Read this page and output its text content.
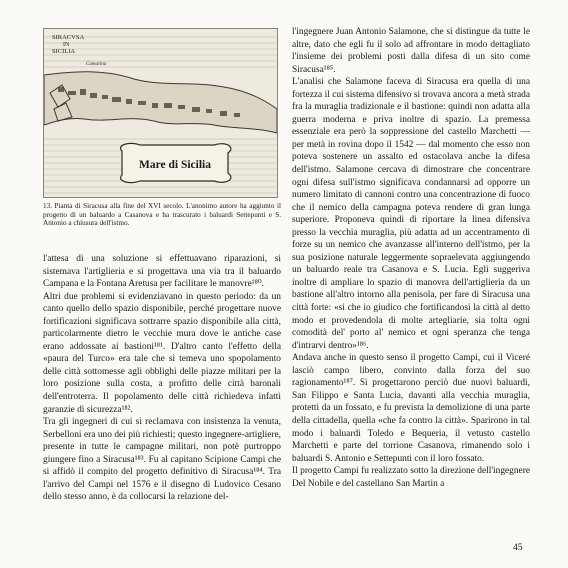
Mare di Sicilia
SIRACVSA
IN
SICILIA
Camarina
13. Pianta di Siracusa alla fine del XVI secolo. L'anonimo autore ha aggiunto il progetto di un baluardo a Casanova e ha trascurato i baluardi Settepunti e S. Antonio a chiusura dell'istmo.

l'attesa di una soluzione si effettuavano riparazioni, si sistemava l'artiglieria e si progettava una via tra il baluardo Campana e la Fontana Aretusa per facilitare le manovre¹⁸⁰.

Altri due problemi si evidenziavano in questo periodo: da un canto quello dello spazio disponibile, perché progettare nuove fortificazioni significava sottrarre spazio disponibile alla città, particolarmente dietro le vecchie mura dove le antiche case erano addossate ai bastioni¹⁸¹. D'altro canto l'effetto della «paura del Turco» era tale che si temeva uno spopolamento delle città sottomesse agli obblighi delle piazze militari per la loro posizione sulla costa, a profitto delle città baronali dell'entroterra. Il popolamento delle città richiedeva infatti garanzie di sicurezza¹⁸².

Tra gli ingegneri di cui si reclamava con insistenza la venuta, Serbelloni era uno dei più richiesti; questo ingegnere-artigliere, presente in tutte le campagne militari, non potè purtroppo giungere fino a Siracusa¹⁸³. Fu al capitano Scipione Campi che si affidò il compito del progetto definitivo di Siracusa¹⁸⁴. Tra l'arrivo del Campi nel 1576 e il disegno di Ludovico Cesano dello stesso anno, è da collocarsi la relazione del-

l'ingegnere Juan Antonio Salamone, che si distingue da tutte le altre, dato che egli fu il solo ad affrontare in modo dettagliato l'insieme dei problemi posti dalla difesa di un sito come Siracusa¹⁸⁵.

L'analisi che Salamone faceva di Siracusa era quella di una fortezza il cui sistema difensivo si trovava ancora a metà strada fra la muraglia tradizionale e il bastione: quindi non adatta alla guerra moderna e priva inoltre di spazio. La premessa essenziale era però la soppressione del castello Marchetti — per metà in rovina dopo il 1542 — dal momento che esso non poteva sostenere un assalto ed ostacolava anche la difesa dell'istmo. Salamone cercava di dimostrare che concentrare ogni difesa sull'istmo significava condannarsi ad opporre un numero limitato di cannoni contro una concentrazione di fuoco che il nemico della campagna poteva rendere di gran lunga superiore. Proponeva quindi di riportare la linea difensiva presso la vecchia muraglia, più adatta ad un accentramento di forze su un nemico che avanzasse all'interno dell'istmo, per la sua posizione naturale leggermente sopraelevata aggiungendo un baluardo reale tra Casanova e S. Lucia. Egli suggeriva inoltre di ampliare lo spazio di manovra dell'artiglieria da un bastione all'altro intorno alla penisola, per fare di Siracusa una città forte: «si che io giudico che fortificandosi la città al detto modo et provedendola di molte artegliarie, sia tolta ogni comodità del' porto al' nemico et ogni speranza che tenga d'intrarvi dentro»¹⁸⁶.

Andava anche in questo senso il progetto Campi, cui il Viceré lasciò campo libero, convinto dalla forza del suo ragionamento¹⁸⁷. Si progettarono perciò due nuovi baluardi, San Filippo e Santa Lucia, davanti alla vecchia muraglia, protetti da un fossato, e fu prevista la demolizione di una parte della cittadella, quella «che fa contro la città». Sparirono in tal modo i baluardi Toledo e Bequeria, il vetusto castello Marchetti e parte del torrione Casanova, rimanendo solo i baluardi S. Antonio e Settepunti con il loro fossato.

Il progetto Campi fu realizzato sotto la direzione dell'ingegnere Del Nobile e del castellano San Martin a

45
